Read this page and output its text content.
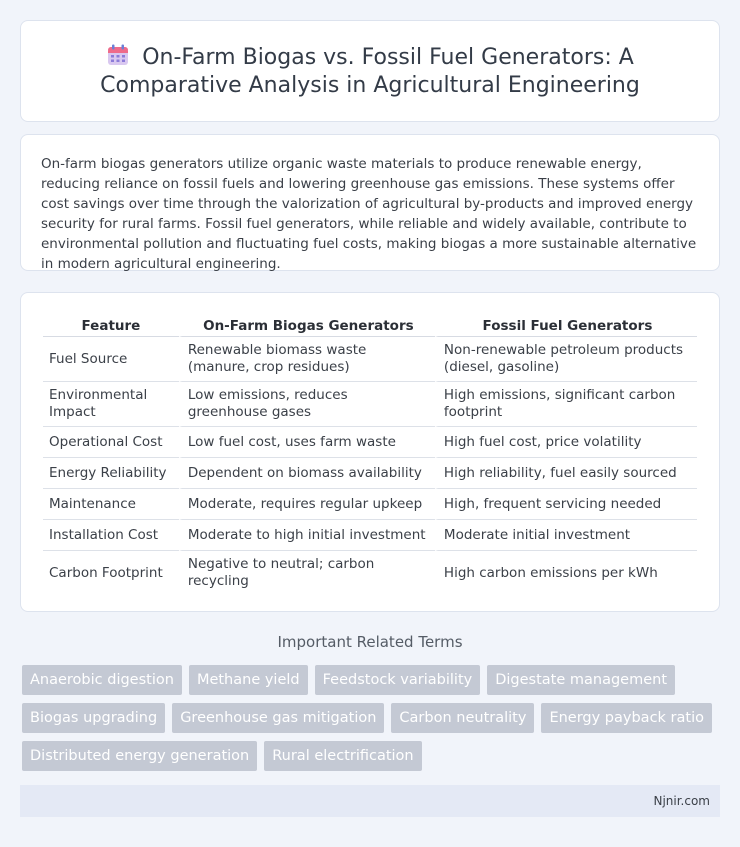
On-Farm Biogas vs. Fossil Fuel Generators: A Comparative Analysis in Agricultural Engineering

On-farm biogas generators utilize organic waste materials to produce renewable energy, reducing reliance on fossil fuels and lowering greenhouse gas emissions. These systems offer cost savings over time through the valorization of agricultural by-products and improved energy security for rural farms. Fossil fuel generators, while reliable and widely available, contribute to environmental pollution and fluctuating fuel costs, making biogas a more sustainable alternative in modern agricultural engineering.

Feature	On-Farm Biogas Generators	Fossil Fuel Generators
Fuel Source	Renewable biomass waste (manure, crop residues)	Non-renewable petroleum products (diesel, gasoline)
Environmental Impact	Low emissions, reduces greenhouse gases	High emissions, significant carbon footprint
Operational Cost	Low fuel cost, uses farm waste	High fuel cost, price volatility
Energy Reliability	Dependent on biomass availability	High reliability, fuel easily sourced
Maintenance	Moderate, requires regular upkeep	High, frequent servicing needed
Installation Cost	Moderate to high initial investment	Moderate initial investment
Carbon Footprint	Negative to neutral; carbon recycling	High carbon emissions per kWh
Important Related Terms
Anaerobic digestion	Methane yield	Feedstock variability	Digestate management
Biogas upgrading	Greenhouse gas mitigation	Carbon neutrality	Energy payback ratio
Distributed energy generation	Rural electrification
Njnir.com
